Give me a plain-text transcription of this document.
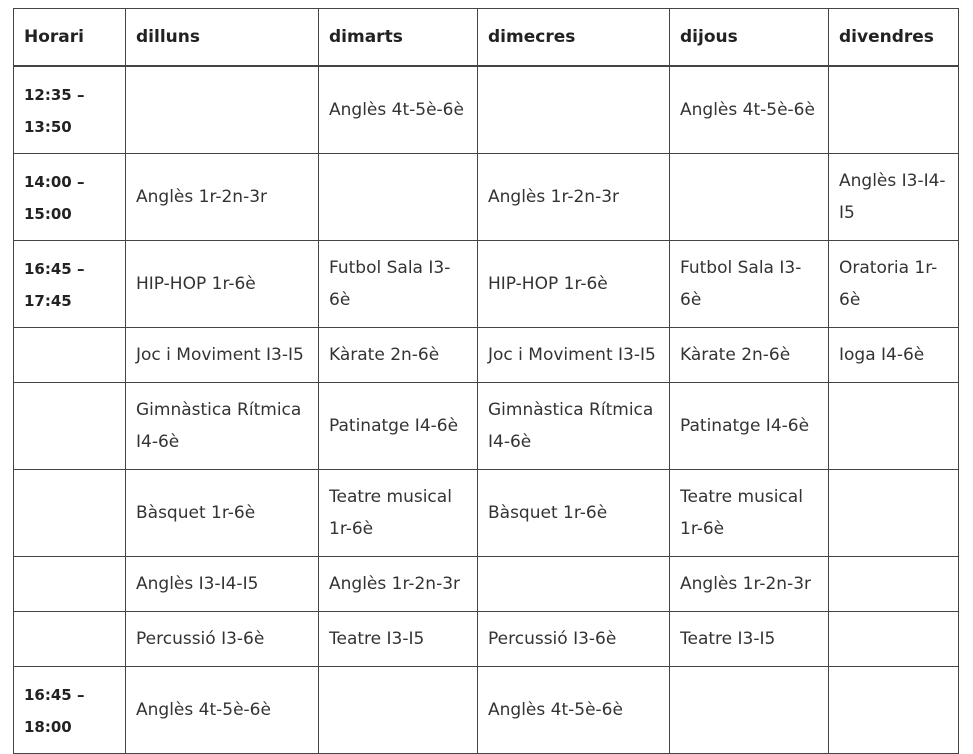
Horari	dilluns	dimarts	dimecres	dijous	divendres
12:35 –
13:50		Anglès 4t-5è-6è		Anglès 4t-5è-6è	
14:00 –
15:00	Anglès 1r-2n-3r		Anglès 1r-2n-3r		Anglès I3-I4-I5
16:45 –
17:45	HIP-HOP 1r-6è	Futbol Sala I3-6è	HIP-HOP 1r-6è	Futbol Sala I3-6è	Oratoria 1r-6è
	Joc i Moviment I3-I5	Kàrate 2n-6è	Joc i Moviment I3-I5	Kàrate 2n-6è	Ioga I4-6è
	Gimnàstica Rítmica I4-6è	Patinatge I4-6è	Gimnàstica Rítmica I4-6è	Patinatge I4-6è	
	Bàsquet 1r-6è	Teatre musical 1r-6è	Bàsquet 1r-6è	Teatre musical 1r-6è	
	Anglès I3-I4-I5	Anglès 1r-2n-3r		Anglès 1r-2n-3r	
	Percussió I3-6è	Teatre I3-I5	Percussió I3-6è	Teatre I3-I5	
16:45 –
18:00	Anglès 4t-5è-6è		Anglès 4t-5è-6è		
